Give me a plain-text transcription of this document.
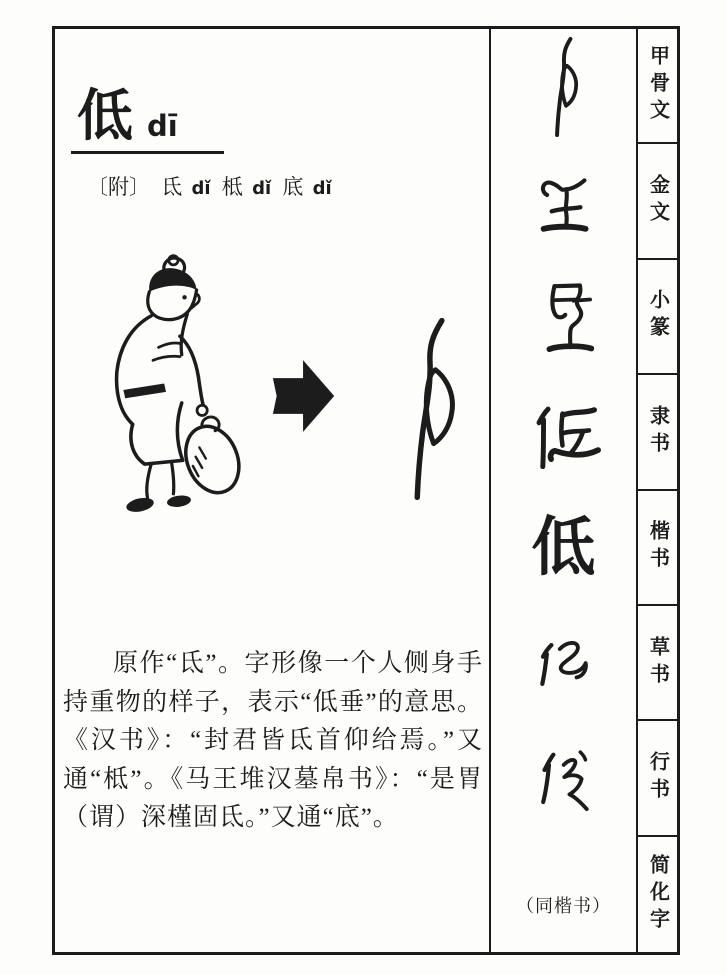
低 dī
〔附〕 氐 dǐ 柢 dǐ 底 dǐ

原作“氐”。字形像一个人侧身手持重物的样子，表示“低垂”的意思。《汉书》：“封君皆氐首仰给焉。”又通“柢”。《马王堆汉墓帛书》：“是胃（谓）深槿固氐。”又通“底”。

低
（同楷书）
甲骨文
金文
小篆
隶书
楷书
草书
行书
简化字
